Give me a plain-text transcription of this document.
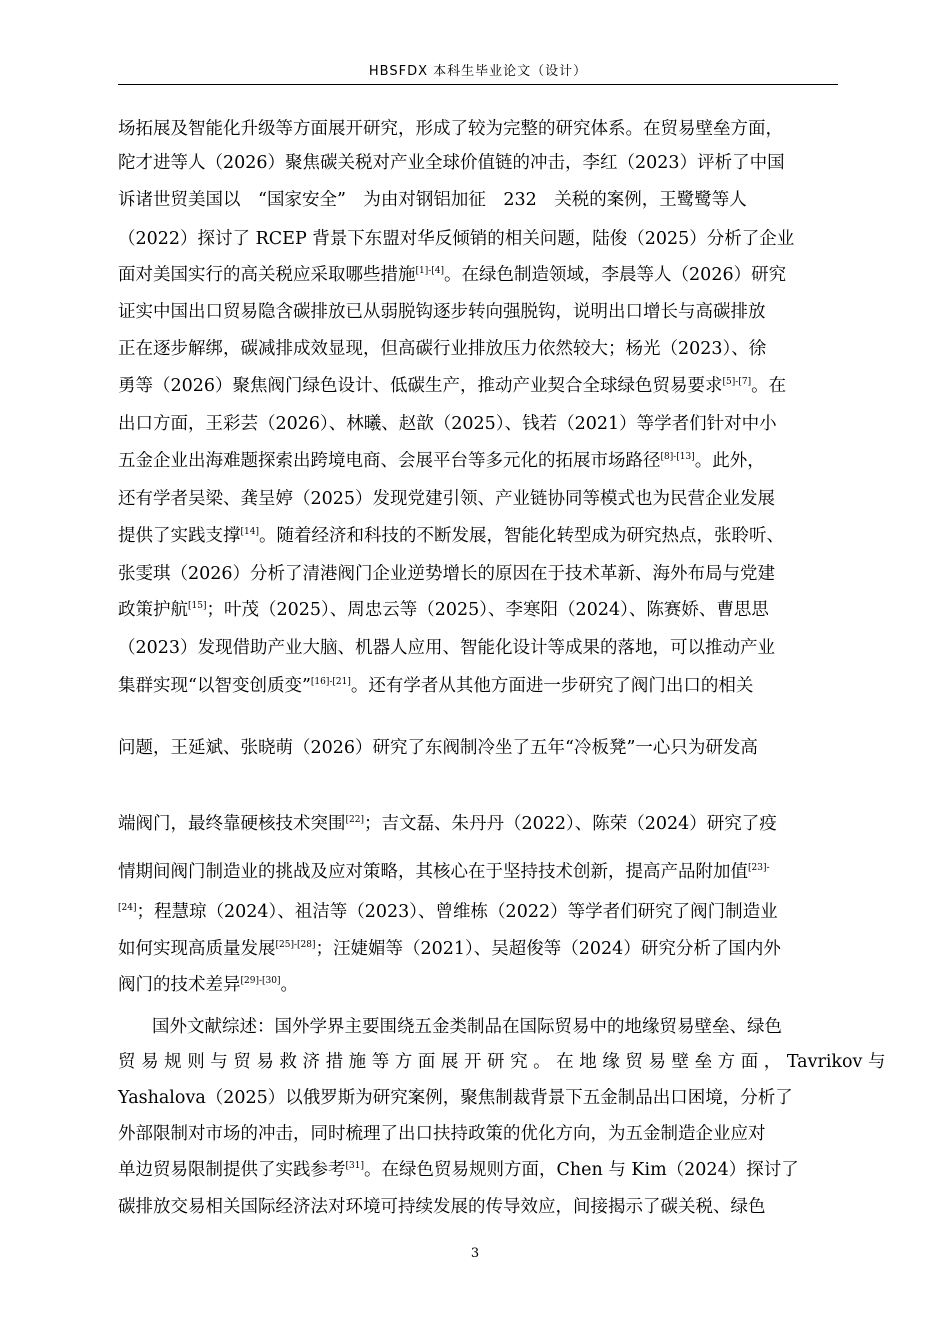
HBSFDX 本科生毕业论文（设计）
场拓展及智能化升级等方面展开研究，形成了较为完整的研究体系。在贸易壁垒方面，
陀才进等人（2026）聚焦碳关税对产业全球价值链的冲击，李红（2023）评析了中国
诉诸世贸美国以　“国家安全”　为由对钢铝加征　232　关税的案例，王鹭鹭等人
（2022）探讨了 RCEP 背景下东盟对华反倾销的相关问题，陆俊（2025）分析了企业
面对美国实行的高关税应采取哪些措施[1]-[4]。在绿色制造领域，李晨等人（2026）研究
证实中国出口贸易隐含碳排放已从弱脱钩逐步转向强脱钩，说明出口增长与高碳排放
正在逐步解绑，碳减排成效显现，但高碳行业排放压力依然较大；杨光（2023）、徐
勇等（2026）聚焦阀门绿色设计、低碳生产，推动产业契合全球绿色贸易要求[5]-[7]。在
出口方面，王彩芸（2026）、林曦、赵歆（2025）、钱若（2021）等学者们针对中小
五金企业出海难题探索出跨境电商、会展平台等多元化的拓展市场路径[8]-[13]。此外，
还有学者吴梁、龚呈婷（2025）发现党建引领、产业链协同等模式也为民营企业发展
提供了实践支撑[14]。随着经济和科技的不断发展，智能化转型成为研究热点，张聆听、
张雯琪（2026）分析了清港阀门企业逆势增长的原因在于技术革新、海外布局与党建
政策护航[15]；叶茂（2025）、周忠云等（2025）、李寒阳（2024）、陈赛娇、曹思思
（2023）发现借助产业大脑、机器人应用、智能化设计等成果的落地，可以推动产业
集群实现“以智变创质变”[16]-[21]。还有学者从其他方面进一步研究了阀门出口的相关
问题，王延斌、张晓萌（2026）研究了东阀制冷坐了五年“冷板凳”一心只为研发高
端阀门，最终靠硬核技术突围[22]；吉文磊、朱丹丹（2022）、陈荣（2024）研究了疫
情期间阀门制造业的挑战及应对策略，其核心在于坚持技术创新，提高产品附加值$^{[23]-}$
[24]；程慧琼（2024）、祖洁等（2023）、曾维栋（2022）等学者们研究了阀门制造业
如何实现高质量发展[25]-[28]；汪婕媚等（2021）、吴超俊等（2024）研究分析了国内外
阀门的技术差异[29]-[30]。
国外文献综述：国外学界主要围绕五金类制品在国际贸易中的地缘贸易壁垒、绿色
贸 易 规 则 与 贸 易 救 济 措 施 等 方 面 展 开 研 究 。 在 地 缘 贸 易 壁 垒 方 面 ， Tavrikov 与
Yashalova（2025）以俄罗斯为研究案例，聚焦制裁背景下五金制品出口困境，分析了
外部限制对市场的冲击，同时梳理了出口扶持政策的优化方向，为五金制造企业应对
单边贸易限制提供了实践参考[31]。在绿色贸易规则方面，Chen 与 Kim（2024）探讨了
碳排放交易相关国际经济法对环境可持续发展的传导效应，间接揭示了碳关税、绿色
3
